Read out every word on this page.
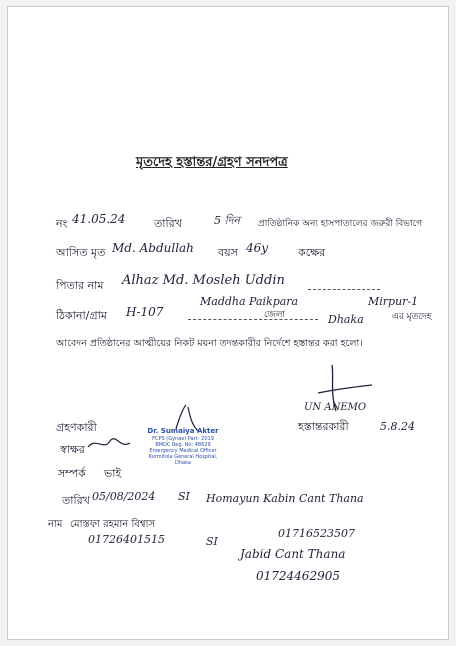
মৃতদেহ হস্তান্তর/গ্রহণ সনদপত্র
নং 41.05.24	তারিখ	5 দিন প্রাতিষ্ঠানিক অন্য হাসপাতালের জরুরী বিভাগে
আসিত মৃত Md. Abdullah বয়স 46y	কক্ষের
পিতার নাম Alhaz Md. Mosleh Uddin
ঠিকানা/গ্রাম H-107
Maddha Paikpara
জেলা
Mirpur-1
Dhaka	এর মৃতদেহ
আবেদন প্রতিষ্ঠানের আত্মীয়ের নিকট ময়না তদন্তকারীর নির্দেশে হস্তান্তর করা হলো।
UN ANEMO
হস্তান্তরকারী	5.8.24
গ্রহণকারী
স্বাক্ষর
সম্পর্ক ভাই
তারিখ 05/08/2024
নাম মোস্তফা রহমান বিশ্বাস
01726401515
Dr. Sumaiya Akter
FCPS (Gynae) Part- 2019
BMDC Reg. No: 48629
Emergency Medical Officer
Kurmitola General Hospital, Dhaka
SI Homayun Kabin Cant Thana
SI
01716523507
Jabid Cant Thana
01724462905
